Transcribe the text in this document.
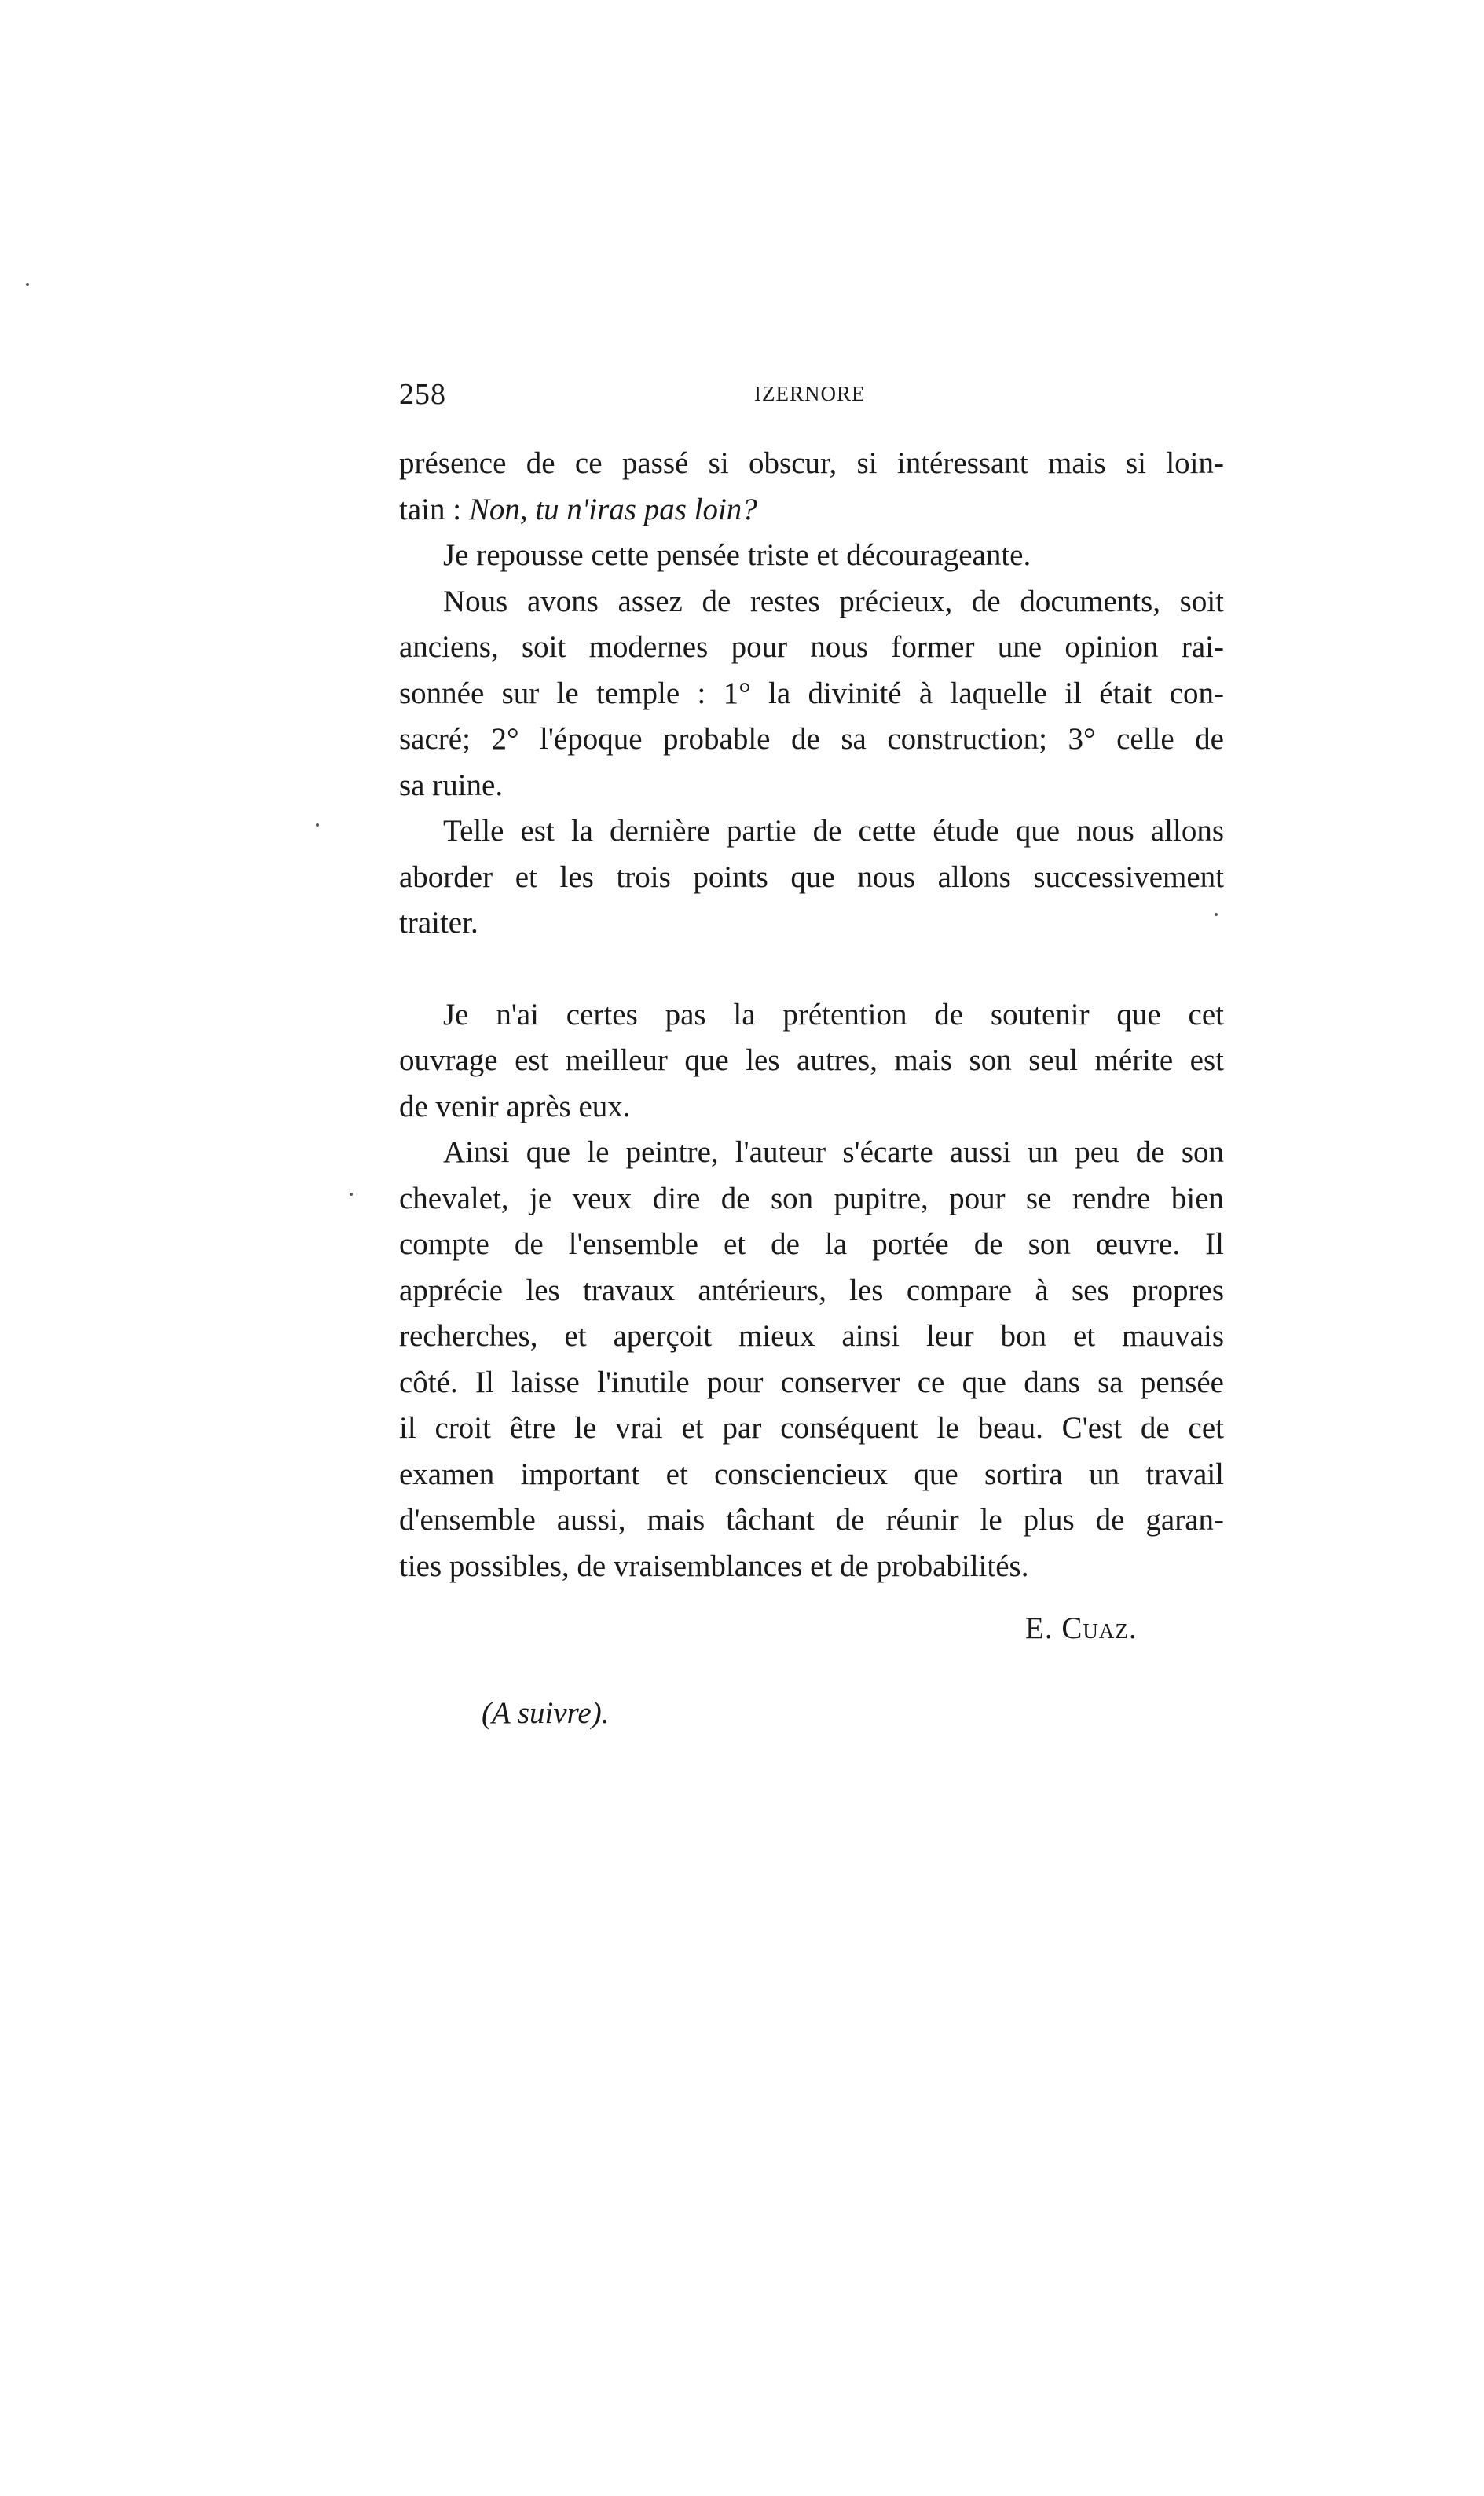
258	IZERNORE

présence de ce passé si obscur, si intéressant mais si loin-
tain : Non, tu n'iras pas loin?

Je repousse cette pensée triste et décourageante.

Nous avons assez de restes précieux, de documents, soit
anciens, soit modernes pour nous former une opinion rai-
sonnée sur le temple : 1° la divinité à laquelle il était con-
sacré; 2° l'époque probable de sa construction; 3° celle de
sa ruine.

Telle est la dernière partie de cette étude que nous allons
aborder et les trois points que nous allons successivement
traiter.

Je n'ai certes pas la prétention de soutenir que cet
ouvrage est meilleur que les autres, mais son seul mérite est
de venir après eux.

Ainsi que le peintre, l'auteur s'écarte aussi un peu de son
chevalet, je veux dire de son pupitre, pour se rendre bien
compte de l'ensemble et de la portée de son œuvre. Il
apprécie les travaux antérieurs, les compare à ses propres
recherches, et aperçoit mieux ainsi leur bon et mauvais
côté. Il laisse l'inutile pour conserver ce que dans sa pensée
il croit être le vrai et par conséquent le beau. C'est de cet
examen important et consciencieux que sortira un travail
d'ensemble aussi, mais tâchant de réunir le plus de garan-
ties possibles, de vraisemblances et de probabilités.

E. Cuaz.
(A suivre).
